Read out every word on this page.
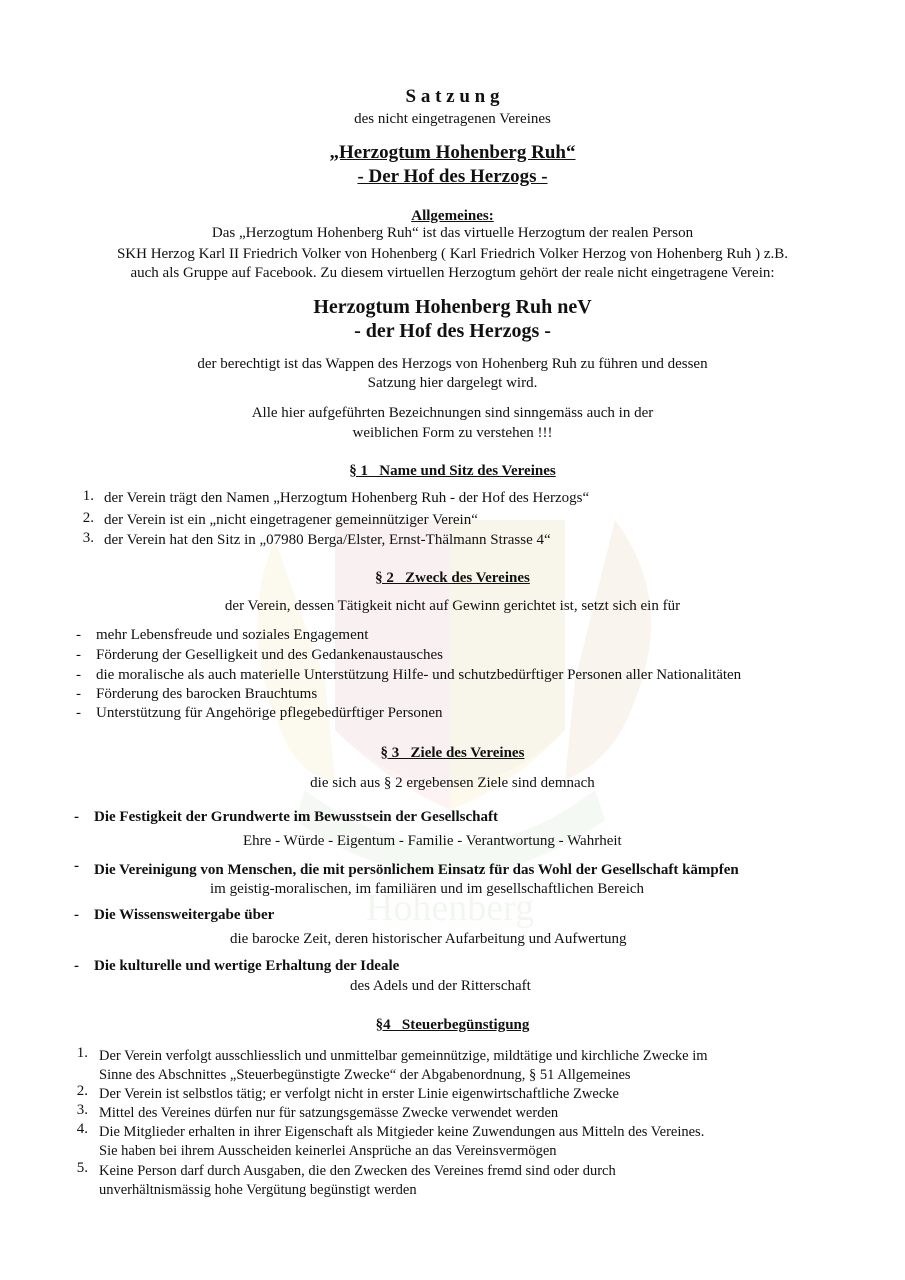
Hohenberg
S a t z u n g
des nicht eingetragenen Vereines
„Herzogtum Hohenberg Ruh“
- Der Hof des Herzogs -
Allgemeines:
Das „Herzogtum Hohenberg Ruh“ ist das virtuelle Herzogtum der realen Person
SKH Herzog Karl II Friedrich Volker von Hohenberg ( Karl Friedrich Volker Herzog von Hohenberg Ruh ) z.B.
auch als Gruppe auf Facebook. Zu diesem virtuellen Herzogtum gehört der reale nicht eingetragene Verein:
Herzogtum Hohenberg Ruh neV
- der Hof des Herzogs -
der berechtigt ist das Wappen des Herzogs von Hohenberg Ruh zu führen und dessen
Satzung hier dargelegt wird.
Alle hier aufgeführten Bezeichnungen sind sinngemäss auch in der
weiblichen Form zu verstehen !!!
§ 1   Name und Sitz des Vereines
1. der Verein trägt den Namen „Herzogtum Hohenberg Ruh - der Hof des Herzogs“
2. der Verein ist ein „nicht eingetragener gemeinnütziger Verein“
3. der Verein hat den Sitz in „07980 Berga/Elster, Ernst-Thälmann Strasse 4“
§ 2   Zweck des Vereines
der Verein, dessen Tätigkeit nicht auf Gewinn gerichtet ist, setzt sich ein für
- mehr Lebensfreude und soziales Engagement
- Förderung der Geselligkeit und des Gedankenaustausches
- die moralische als auch materielle Unterstützung Hilfe- und schutzbedürftiger Personen aller Nationalitäten
- Förderung des barocken Brauchtums
- Unterstützung für Angehörige pflegebedürftiger Personen
§ 3   Ziele des Vereines
die sich aus § 2 ergebensen Ziele sind demnach
- Die Festigkeit der Grundwerte im Bewusstsein der Gesellschaft
Ehre - Würde - Eigentum - Familie - Verantwortung - Wahrheit
- Die Vereinigung von Menschen, die mit persönlichem Einsatz für das Wohl der Gesellschaft kämpfen
im geistig-moralischen, im familiären und im gesellschaftlichen Bereich
- Die Wissensweitergabe über
die barocke Zeit, deren historischer Aufarbeitung und Aufwertung
- Die kulturelle und wertige Erhaltung der Ideale
des Adels und der Ritterschaft
§4   Steuerbegünstigung
1. Der Verein verfolgt ausschliesslich und unmittelbar gemeinnützige, mildtätige und kirchliche Zwecke im
Sinne des Abschnittes „Steuerbegünstigte Zwecke“ der Abgabenordnung, § 51 Allgemeines
2. Der Verein ist selbstlos tätig; er verfolgt nicht in erster Linie eigenwirtschaftliche Zwecke
3. Mittel des Vereines dürfen nur für satzungsgemässe Zwecke verwendet werden
4. Die Mitglieder erhalten in ihrer Eigenschaft als Mitgieder keine Zuwendungen aus Mitteln des Vereines.
Sie haben bei ihrem Ausscheiden keinerlei Ansprüche an das Vereinsvermögen
5. Keine Person darf durch Ausgaben, die den Zwecken des Vereines fremd sind oder durch
unverhältnismässig hohe Vergütung begünstigt werden
